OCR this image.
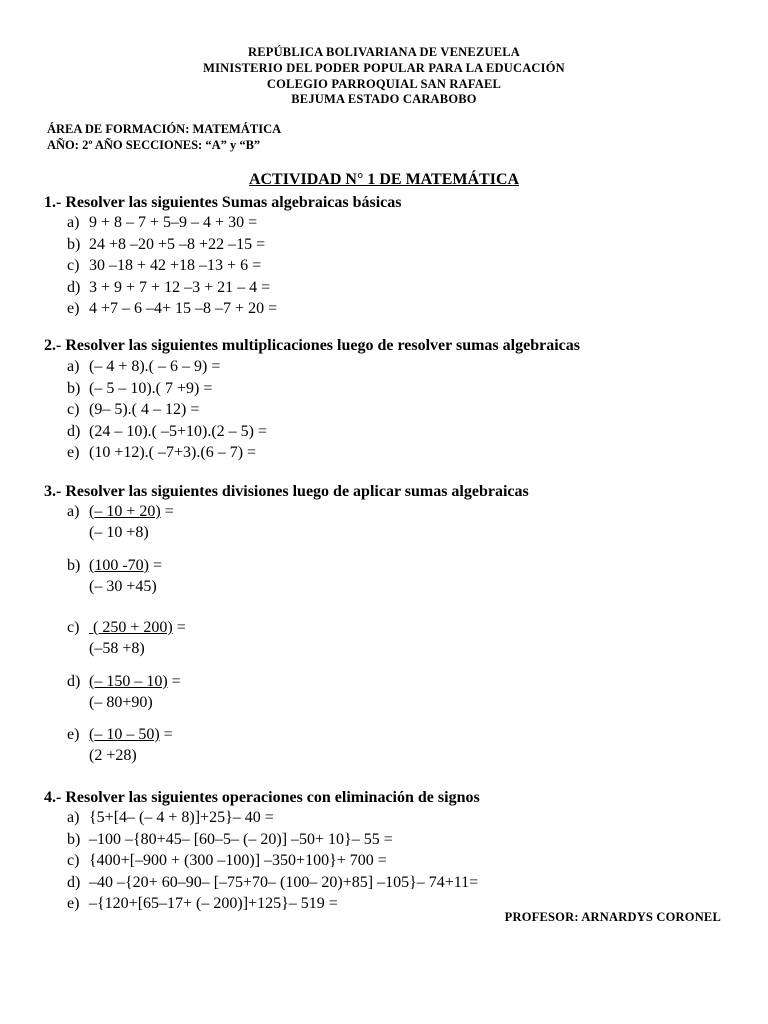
REPÚBLICA BOLIVARIANA DE VENEZUELA
MINISTERIO DEL PODER POPULAR PARA LA EDUCACIÓN
COLEGIO PARROQUIAL SAN RAFAEL
BEJUMA ESTADO CARABOBO
ÁREA DE FORMACIÓN: MATEMÁTICA
AÑO: 2º AÑO SECCIONES: “A” y “B”
ACTIVIDAD N° 1 DE MATEMÁTICA
1.- Resolver las siguientes Sumas algebraicas básicas
a) 9 + 8 – 7 + 5–9 – 4 + 30 =
b) 24 +8 –20 +5 –8 +22 –15 =
c) 30 –18 + 42 +18 –13 + 6 =
d) 3 + 9 + 7 + 12 –3 + 21 – 4 =
e) 4 +7 – 6 –4+ 15 –8 –7 + 20 =
2.- Resolver las siguientes multiplicaciones luego de resolver sumas algebraicas
a) (– 4 + 8).( – 6 – 9) =
b) (– 5 – 10).( 7 +9) =
c) (9– 5).( 4 – 12) =
d) (24 – 10).( –5+10).(2 – 5) =
e) (10 +12).( –7+3).(6 – 7) =
3.- Resolver las siguientes divisiones luego de aplicar sumas algebraicas
a) (– 10 + 20) =
(– 10 +8)
b) (100 -70) =
(– 30 +45)
c) ( 250 + 200) =
(–58 +8)
d) (– 150 – 10) =
(– 80+90)
e) (– 10 – 50) =
(2 +28)
4.- Resolver las siguientes operaciones con eliminación de signos
a) {5+[4– (– 4 + 8)]+25}– 40 =
b) –100 –{80+45– [60–5– (– 20)] –50+ 10}– 55 =
c) {400+[–900 + (300 –100)] –350+100}+ 700 =
d) –40 –{20+ 60–90– [–75+70– (100– 20)+85] –105}– 74+11=
e) –{120+[65–17+ (– 200)]+125}– 519 =
PROFESOR: ARNARDYS CORONEL
